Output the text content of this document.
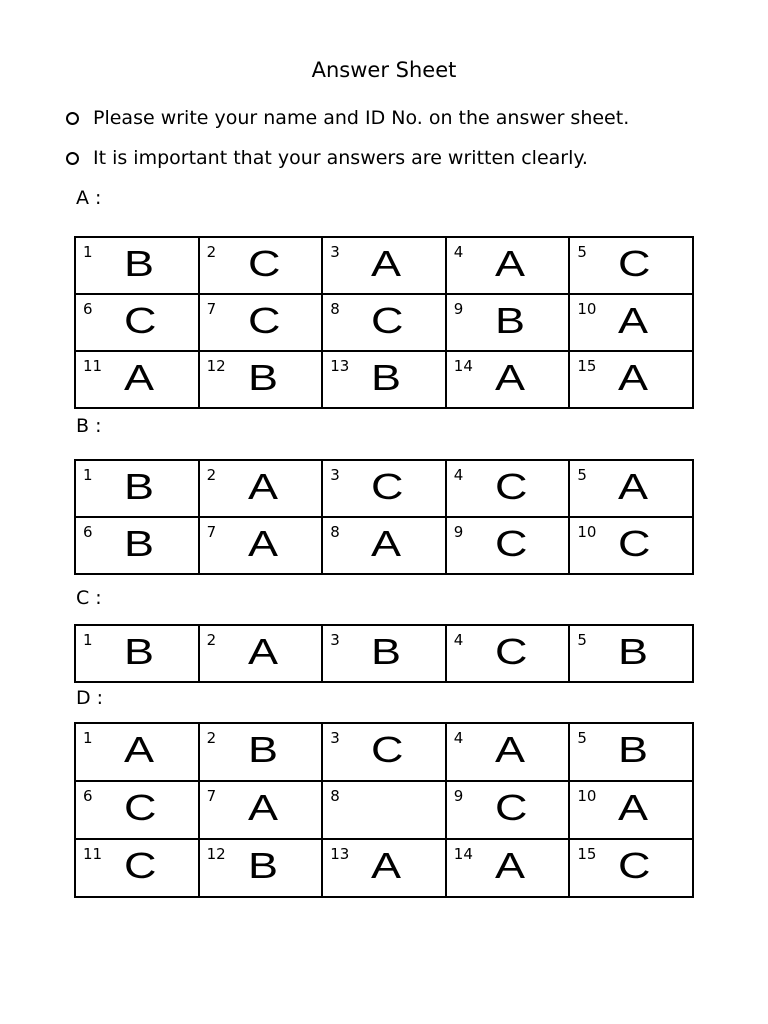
Answer Sheet
Please write your name and ID No. on the answer sheet.
It is important that your answers are written clearly.
A :
1 B	2 C	3 A	4 A	5 C

6 C	7 C	8 C	9 B	10 A

11 A	12 B	13 B	14 A	15 A
B :
1 B	2 A	3 C	4 C	5 A

6 B	7 A	8 A	9 C	10 C
C :
1 B	2 A	3 B	4 C	5 B
D :
1 A	2 B	3 C	4 A	5 B

6 C	7 A	8	9 C	10 A

11 C	12 B	13 A	14 A	15 C
